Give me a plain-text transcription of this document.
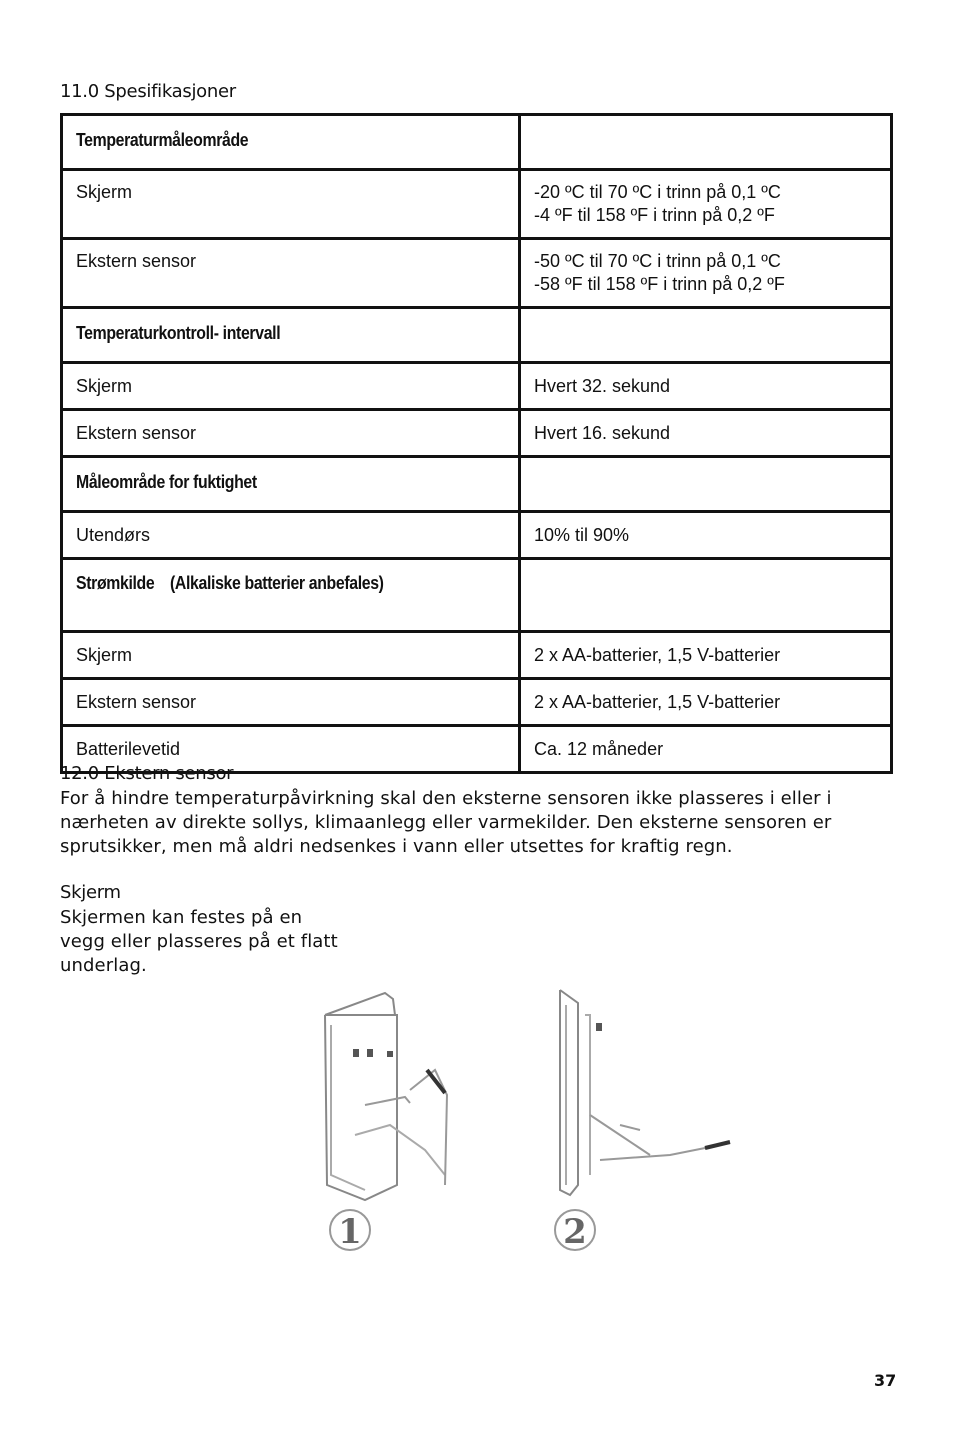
11.0 Spesifikasjoner
Temperaturmåleområde	
Skjerm	-20 ºC til 70 ºC i trinn på 0,1 ºC
-4 ºF til 158 ºF i trinn på 0,2 ºF

Ekstern sensor	-50 ºC til 70 ºC i trinn på 0,1 ºC
-58 ºF til 158 ºF i trinn på 0,2 ºF

Temperaturkontroll- intervall	
Skjerm	Hvert 32. sekund
Ekstern sensor	Hvert 16. sekund
Måleområde for fuktighet	
Utendørs	10% til 90%
Strømkilde (Alkaliske batterier anbefales)	
Skjerm	2 x AA-batterier, 1,5 V-batterier
Ekstern sensor	2 x AA-batterier, 1,5 V-batterier
Batterilevetid	Ca. 12 måneder
12.0 Ekstern sensor
For å hindre temperaturpåvirkning skal den eksterne sensoren ikke plasseres i eller i
nærheten av direkte sollys, klimaanlegg eller varmekilder. Den eksterne sensoren er
sprutsikker, men må aldri nedsenkes i vann eller utsettes for kraftig regn.
Skjerm
Skjermen kan festes på en
vegg eller plasseres på et flatt
underlag.
1	2
37
